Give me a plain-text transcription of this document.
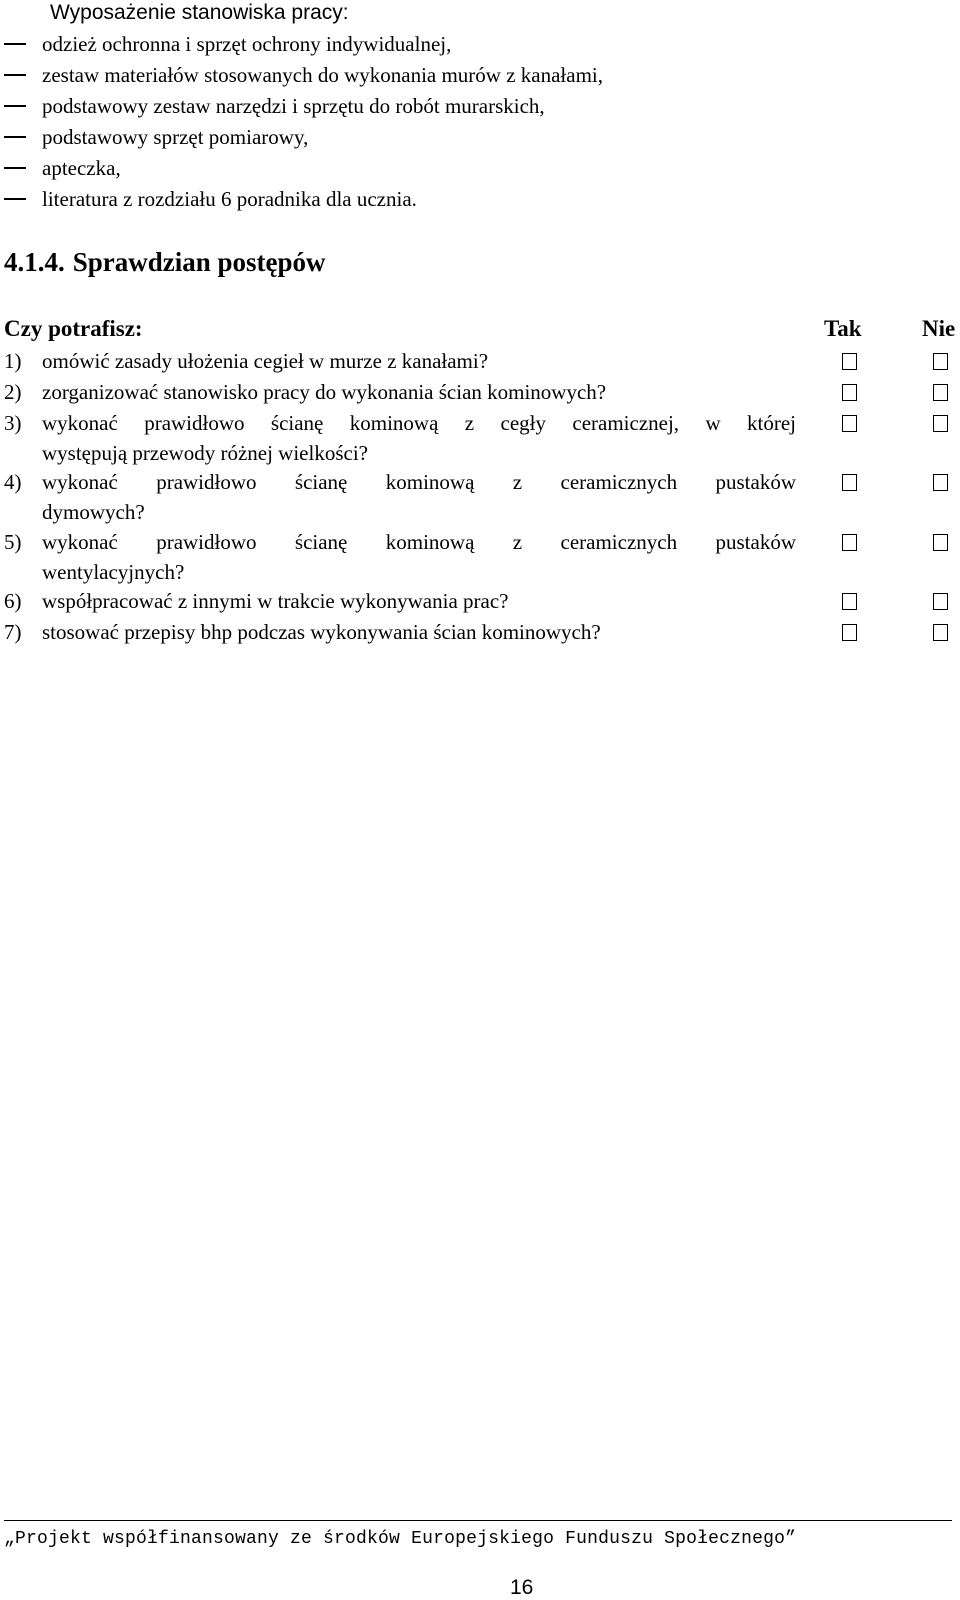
Wyposażenie stanowiska pracy:
odzież ochronna i sprzęt ochrony indywidualnej,
zestaw materiałów stosowanych do wykonania murów z kanałami,
podstawowy zestaw narzędzi i sprzętu do robót murarskich,
podstawowy sprzęt pomiarowy,
apteczka,
literatura z rozdziału 6 poradnika dla ucznia.
4.1.4. Sprawdzian postępów
Czy potrafisz:	Tak	Nie
1) omówić zasady ułożenia cegieł w murze z kanałami?
2) zorganizować stanowisko pracy do wykonania ścian kominowych?
3) wykonać prawidłowo ścianę kominową z cegły ceramicznej, w której
występują przewody różnej wielkości?
4) wykonać prawidłowo ścianę kominową z ceramicznych pustaków
dymowych?
5) wykonać prawidłowo ścianę kominową z ceramicznych pustaków
wentylacyjnych?
6) współpracować z innymi w trakcie wykonywania prac?
7) stosować przepisy bhp podczas wykonywania ścian kominowych?
„Projekt współfinansowany ze środków Europejskiego Funduszu Społecznego”
16
